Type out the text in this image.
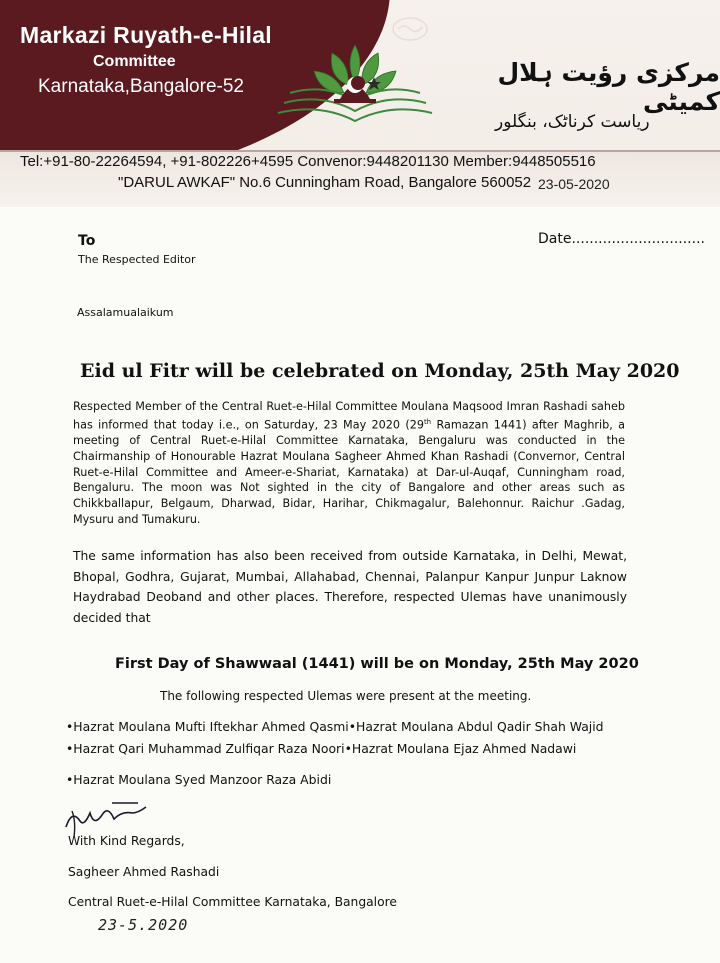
Markazi Ruyath-e-Hilal
Committee
Karnataka,Bangalore-52	مرکزی رؤیت ہلال کمیٹی
ریاست کرناٹک، بنگلور
Tel:+91-80-22264594, +91-802226+4595 Convenor:9448201130 Member:9448505516
"DARUL AWKAF" No.6 Cunningham Road, Bangalore 560052 23-05-2020
To	Date..............................
The Respected Editor
Assalamualaikum
Eid ul Fitr will be celebrated on Monday, 25th May 2020
Respected Member of the Central Ruet-e-Hilal Committee Moulana Maqsood Imran Rashadi saheb has informed that today i.e., on Saturday, 23 May 2020 (29th Ramazan 1441) after Maghrib, a meeting of Central Ruet-e-Hilal Committee Karnataka, Bengaluru was conducted in the Chairmanship of Honourable Hazrat Moulana Sagheer Ahmed Khan Rashadi (Convernor, Central Ruet-e-Hilal Committee and Ameer-e-Shariat, Karnataka) at Dar-ul-Auqaf, Cunningham road, Bengaluru. The moon was Not sighted in the city of Bangalore and other areas such as Chikkballapur, Belgaum, Dharwad, Bidar, Harihar, Chikmagalur, Balehonnur. Raichur .Gadag, Mysuru and Tumakuru.
The same information has also been received from outside Karnataka, in Delhi, Mewat, Bhopal, Godhra, Gujarat, Mumbai, Allahabad, Chennai, Palanpur Kanpur Junpur Laknow Haydrabad Deoband and other places. Therefore, respected Ulemas have unanimously decided that
First Day of Shawwaal (1441) will be on Monday, 25th May 2020
The following respected Ulemas were present at the meeting.
•Hazrat Moulana Mufti Iftekhar Ahmed Qasmi•Hazrat Moulana Abdul Qadir Shah Wajid
•Hazrat Qari Muhammad Zulfiqar Raza Noori•Hazrat Moulana Ejaz Ahmed Nadawi
•Hazrat Moulana Syed Manzoor Raza Abidi
With Kind Regards,
Sagheer Ahmed Rashadi
Central Ruet-e-Hilal Committee Karnataka, Bangalore
23-5.2020
